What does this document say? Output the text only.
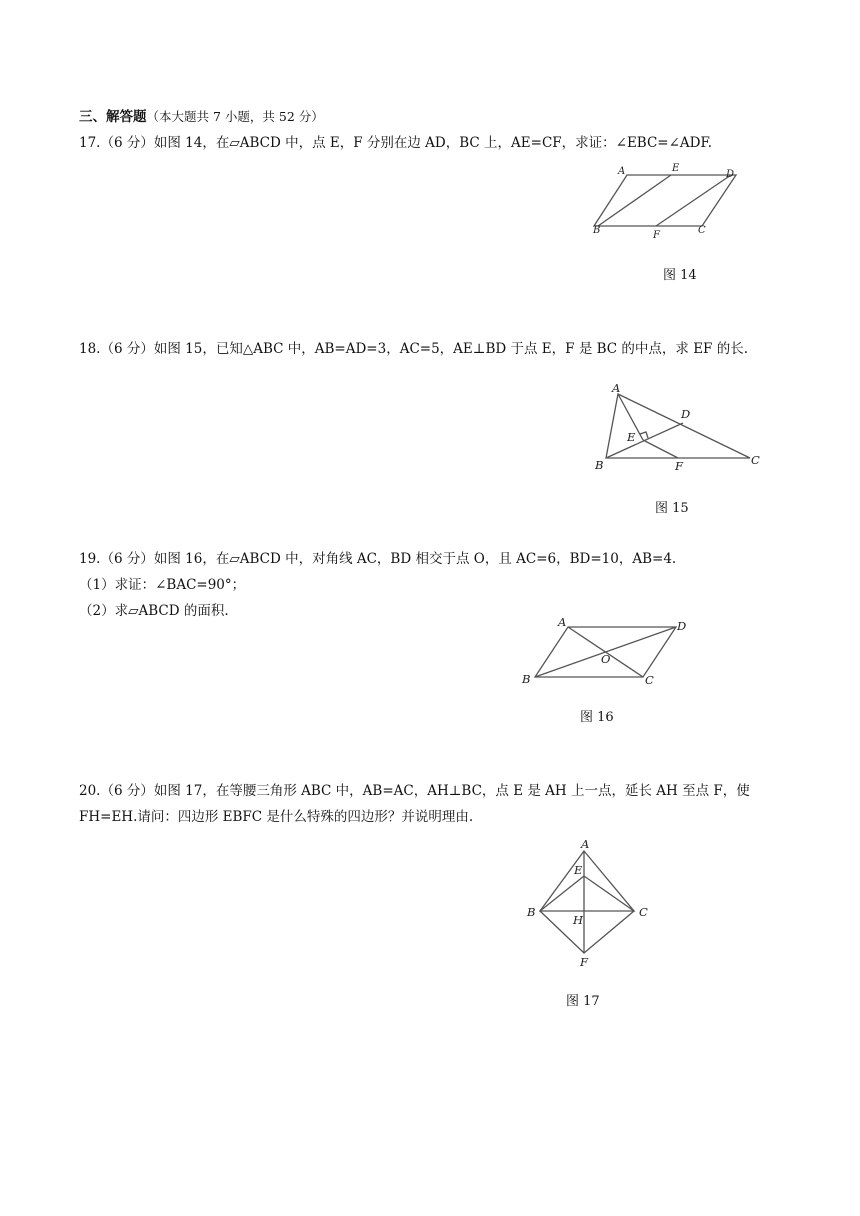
三、解答题（本大题共 7 小题，共 52 分）
17.（6 分）如图 14，在▱ABCD 中，点 E，F 分别在边 AD，BC 上，AE=CF，求证：∠EBC=∠ADF.
A	E
D
B	F	C
图 14
18.（6 分）如图 15，已知△ABC 中，AB=AD=3，AC=5，AE⊥BD 于点 E，F 是 BC 的中点，求 EF 的长.
A
D
E
B	F	C
图 15
19.（6 分）如图 16，在▱ABCD 中，对角线 AC，BD 相交于点 O，且 AC=6，BD=10，AB=4.
（1）求证：∠BAC=90°；
（2）求▱ABCD 的面积.
A	D
O
B	C
图 16
20.（6 分）如图 17，在等腰三角形 ABC 中，AB=AC，AH⊥BC，点 E 是 AH 上一点，延长 AH 至点 F，使
FH=EH.请问：四边形 EBFC 是什么特殊的四边形？并说明理由.
A
E
B
H
C
F
图 17
